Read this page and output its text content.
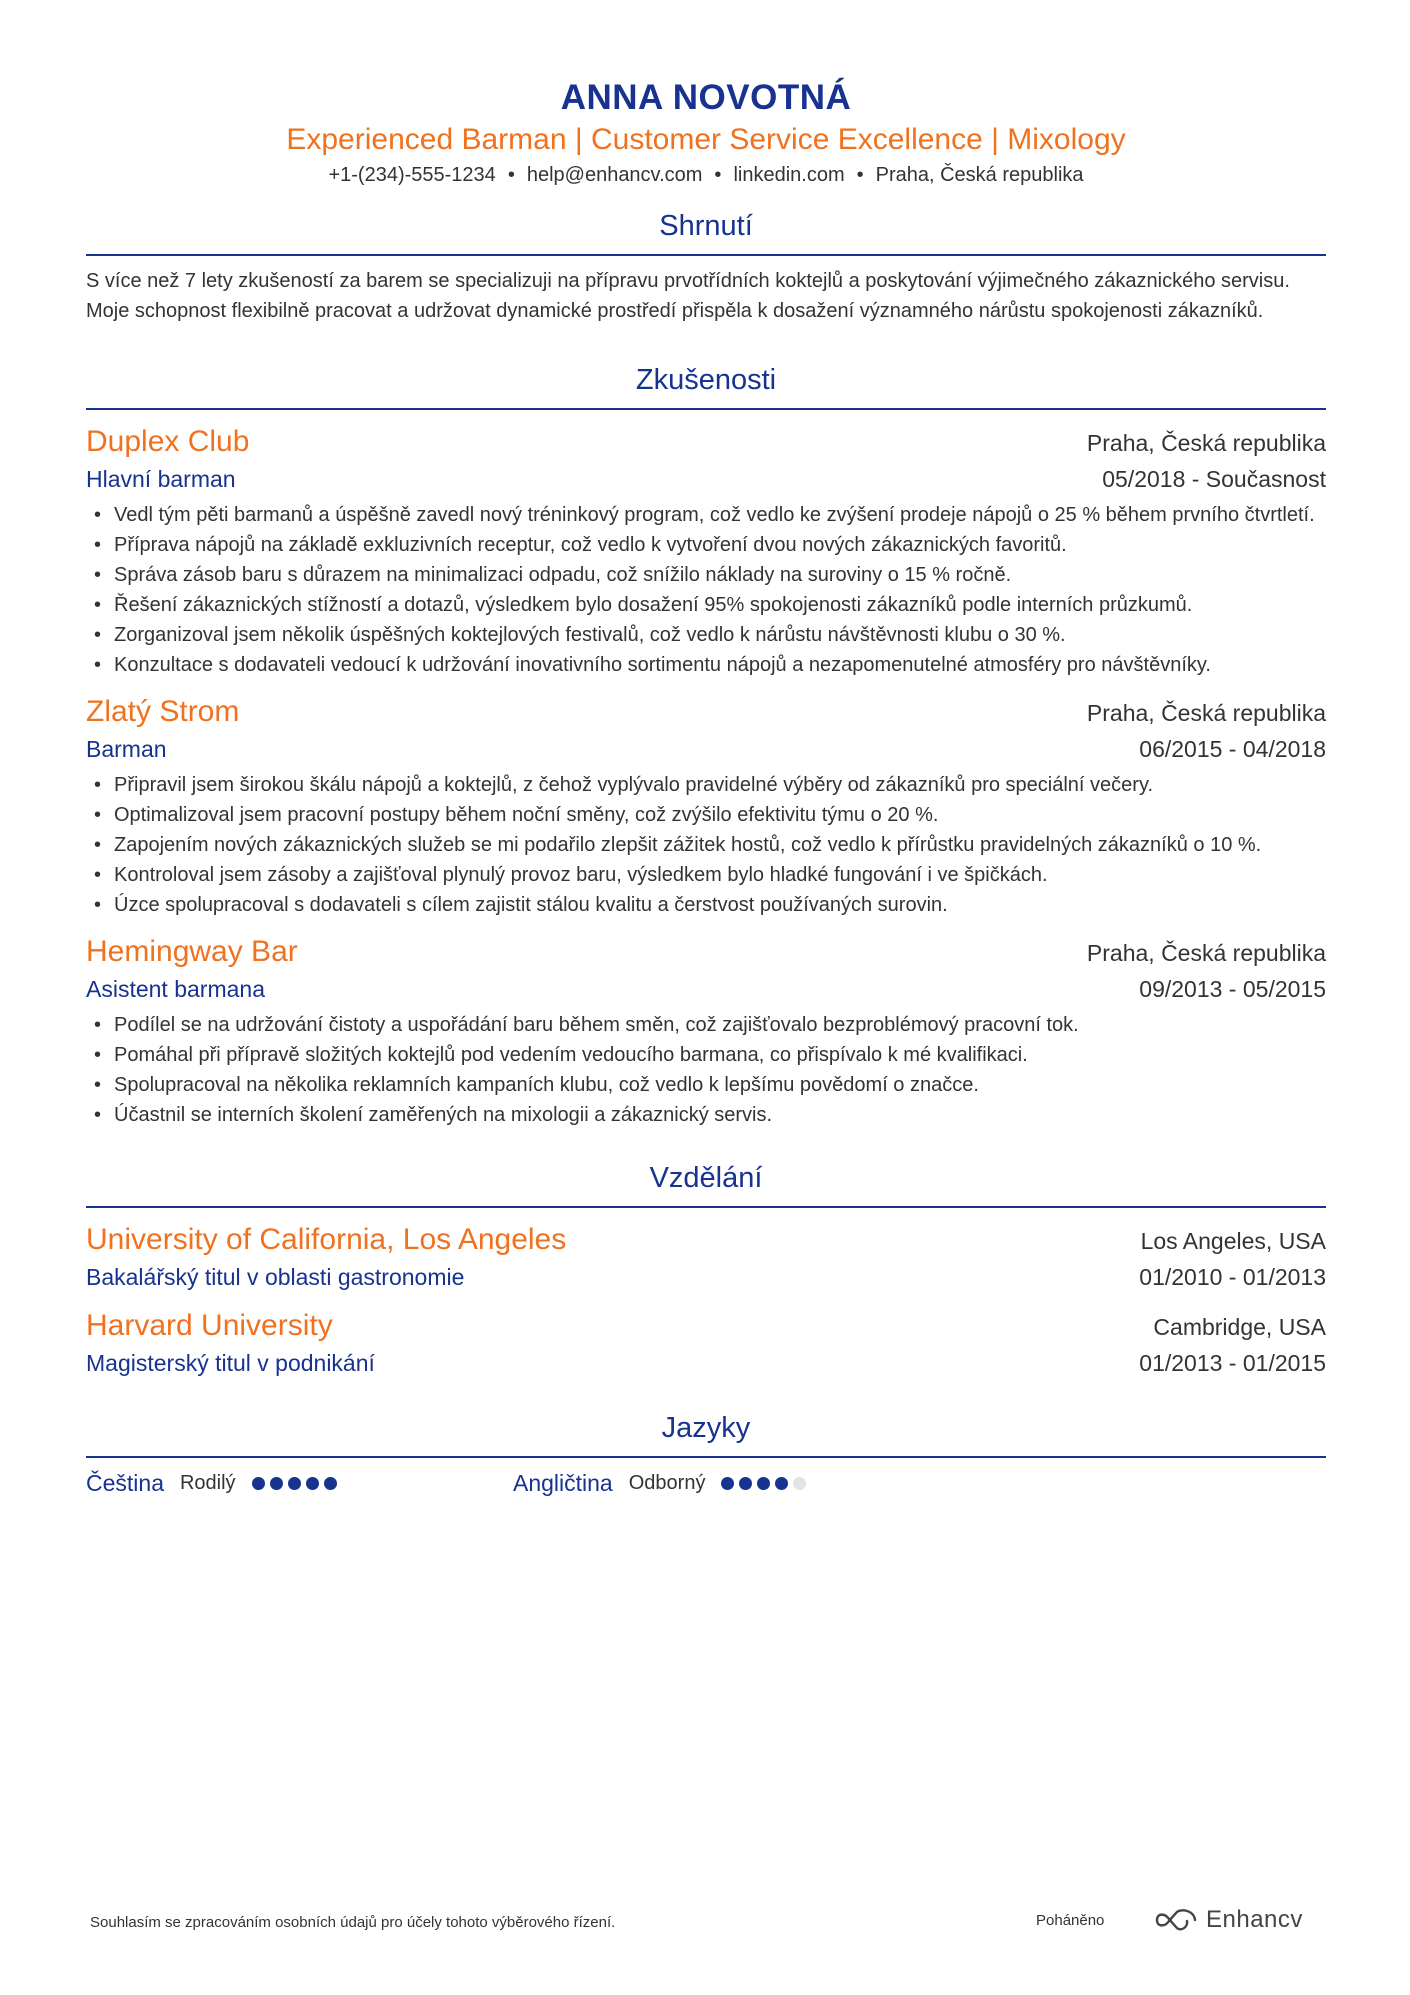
ANNA NOVOTNÁ
Experienced Barman | Customer Service Excellence | Mixology
+1-(234)-555-1234 • help@enhancv.com • linkedin.com • Praha, Česká republika
Shrnutí
S více než 7 lety zkušeností za barem se specializuji na přípravu prvotřídních koktejlů a poskytování výjimečného zákaznického servisu. Moje schopnost flexibilně pracovat a udržovat dynamické prostředí přispěla k dosažení významného nárůstu spokojenosti zákazníků.
Zkušenosti
Duplex Club	Praha, Česká republika
Hlavní barman	05/2018 - Současnost
• Vedl tým pěti barmanů a úspěšně zavedl nový tréninkový program, což vedlo ke zvýšení prodeje nápojů o 25 % během prvního čtvrtletí.
• Příprava nápojů na základě exkluzivních receptur, což vedlo k vytvoření dvou nových zákaznických favoritů.
• Správa zásob baru s důrazem na minimalizaci odpadu, což snížilo náklady na suroviny o 15 % ročně.
• Řešení zákaznických stížností a dotazů, výsledkem bylo dosažení 95% spokojenosti zákazníků podle interních průzkumů.
• Zorganizoval jsem několik úspěšných koktejlových festivalů, což vedlo k nárůstu návštěvnosti klubu o 30 %.
• Konzultace s dodavateli vedoucí k udržování inovativního sortimentu nápojů a nezapomenutelné atmosféry pro návštěvníky.
Zlatý Strom	Praha, Česká republika
Barman	06/2015 - 04/2018
• Připravil jsem širokou škálu nápojů a koktejlů, z čehož vyplývalo pravidelné výběry od zákazníků pro speciální večery.
• Optimalizoval jsem pracovní postupy během noční směny, což zvýšilo efektivitu týmu o 20 %.
• Zapojením nových zákaznických služeb se mi podařilo zlepšit zážitek hostů, což vedlo k přírůstku pravidelných zákazníků o 10 %.
• Kontroloval jsem zásoby a zajišťoval plynulý provoz baru, výsledkem bylo hladké fungování i ve špičkách.
• Úzce spolupracoval s dodavateli s cílem zajistit stálou kvalitu a čerstvost používaných surovin.
Hemingway Bar	Praha, Česká republika
Asistent barmana	09/2013 - 05/2015
• Podílel se na udržování čistoty a uspořádání baru během směn, což zajišťovalo bezproblémový pracovní tok.
• Pomáhal při přípravě složitých koktejlů pod vedením vedoucího barmana, co přispívalo k mé kvalifikaci.
• Spolupracoval na několika reklamních kampaních klubu, což vedlo k lepšímu povědomí o značce.
• Účastnil se interních školení zaměřených na mixologii a zákaznický servis.
Vzdělání
University of California, Los Angeles	Los Angeles, USA
Bakalářský titul v oblasti gastronomie	01/2010 - 01/2013
Harvard University	Cambridge, USA
Magisterský titul v podnikání	01/2013 - 01/2015
Jazyky
Čeština Rodilý	Angličtina Odborný
Souhlasím se zpracováním osobních údajů pro účely tohoto výběrového řízení.	Poháněno	Enhancv
